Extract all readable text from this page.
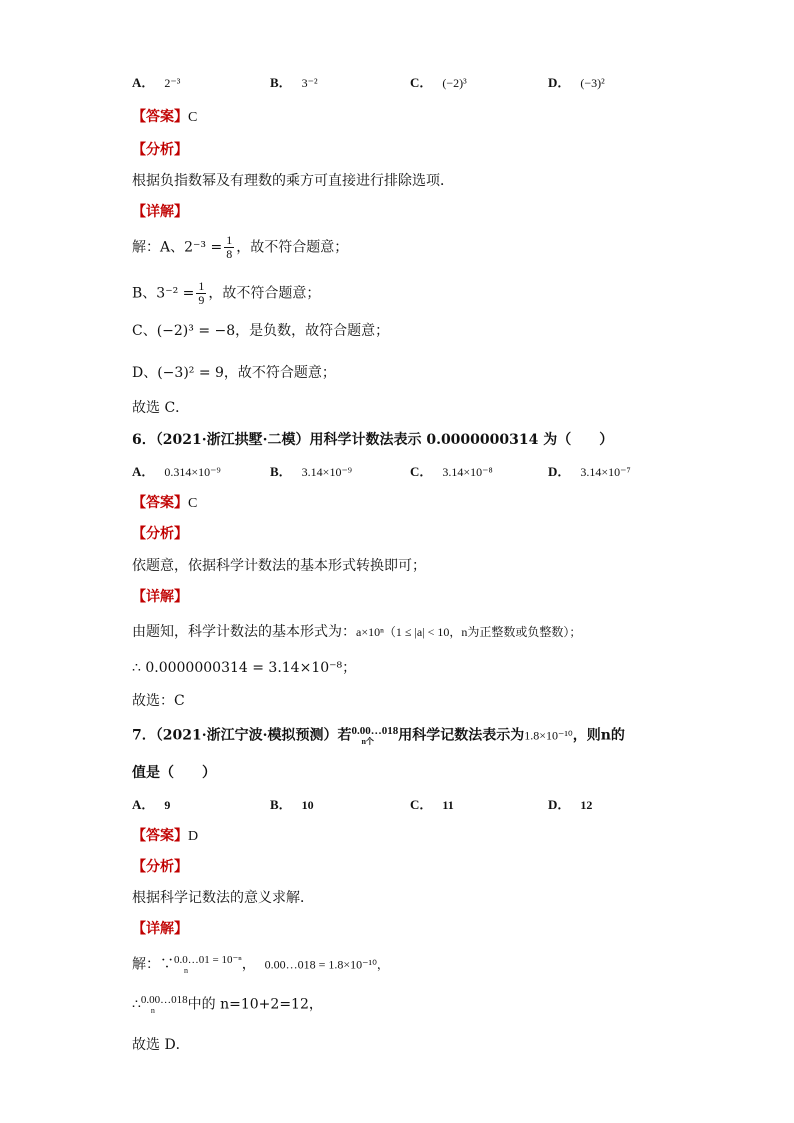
A． 2⁻³	B． 3⁻²	C． (−2)³	D． (−3)²
【答案】C
【分析】
根据负指数幂及有理数的乘方可直接进行排除选项．
【详解】
解：A、$2^{-3} = \frac{1}{8}$ ，故不符合题意；
B、$3^{-2} = \frac{1}{9}$ ，故不符合题意；
C、(−2)³ = −8，是负数，故符合题意；
D、(−3)² = 9，故不符合题意；
故选 C．
6．（2021·浙江拱墅·二模）用科学计数法表示 0.0000000314 为（　　）
A． 0.314×10⁻⁹	B． 3.14×10⁻⁹	C． 3.14×10⁻⁸	D． 3.14×10⁻⁷
【答案】C
【分析】
依题意，依据科学计数法的基本形式转换即可；
【详解】
由题知，科学计数法的基本形式为：a×10ⁿ（1 ≤ |a| < 10，n为正整数或负整数）；
∴ 0.0000000314 = 3.14×10⁻⁸；
故选：C
7．（2021·浙江宁波·模拟预测）若 0.00…018
n个	用科学记数法表示为1.8×10⁻¹⁰，则n的
值是（　　）
A． 9	B． 10	C． 11	D． 12
【答案】D
【分析】
根据科学记数法的意义求解．
【详解】
解：∵ 0.0…01 = 10⁻ⁿ
n	， 0.00…018 = 1.8×10⁻¹⁰，
∴ 0.00…018
n	中的 n=10+2=12，
故选 D．
